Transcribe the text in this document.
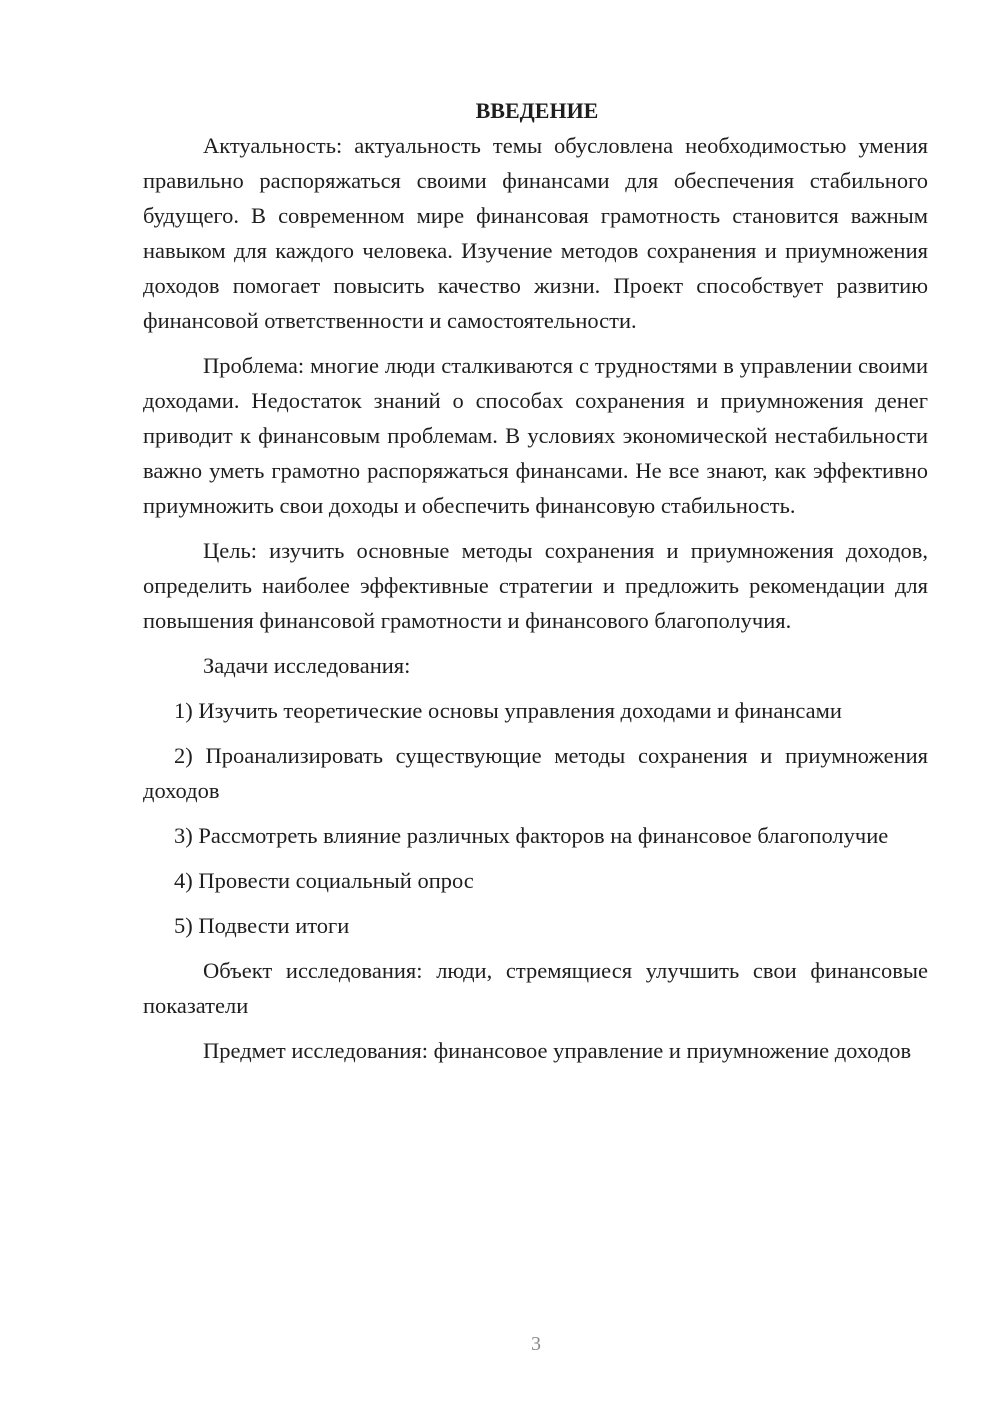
ВВЕДЕНИЕ

Актуальность: актуальность темы обусловлена необходимостью умения правильно распоряжаться своими финансами для обеспечения стабильного будущего. В современном мире финансовая грамотность становится важным навыком для каждого человека. Изучение методов сохранения и приумножения доходов помогает повысить качество жизни. Проект способствует развитию финансовой ответственности и самостоятельности.

Проблема: многие люди сталкиваются с трудностями в управлении своими доходами. Недостаток знаний о способах сохранения и приумножения денег приводит к финансовым проблемам. В условиях экономической нестабильности важно уметь грамотно распоряжаться финансами. Не все знают, как эффективно приумножить свои доходы и обеспечить финансовую стабильность.

Цель: изучить основные методы сохранения и приумножения доходов, определить наиболее эффективные стратегии и предложить рекомендации для повышения финансовой грамотности и финансового благополучия.

Задачи исследования:

1) Изучить теоретические основы управления доходами и финансами

2) Проанализировать существующие методы сохранения и приумножения доходов

3) Рассмотреть влияние различных факторов на финансовое благополучие

4) Провести социальный опрос

5) Подвести итоги

Объект исследования: люди, стремящиеся улучшить свои финансовые показатели

Предмет исследования: финансовое управление и приумножение доходов

3
